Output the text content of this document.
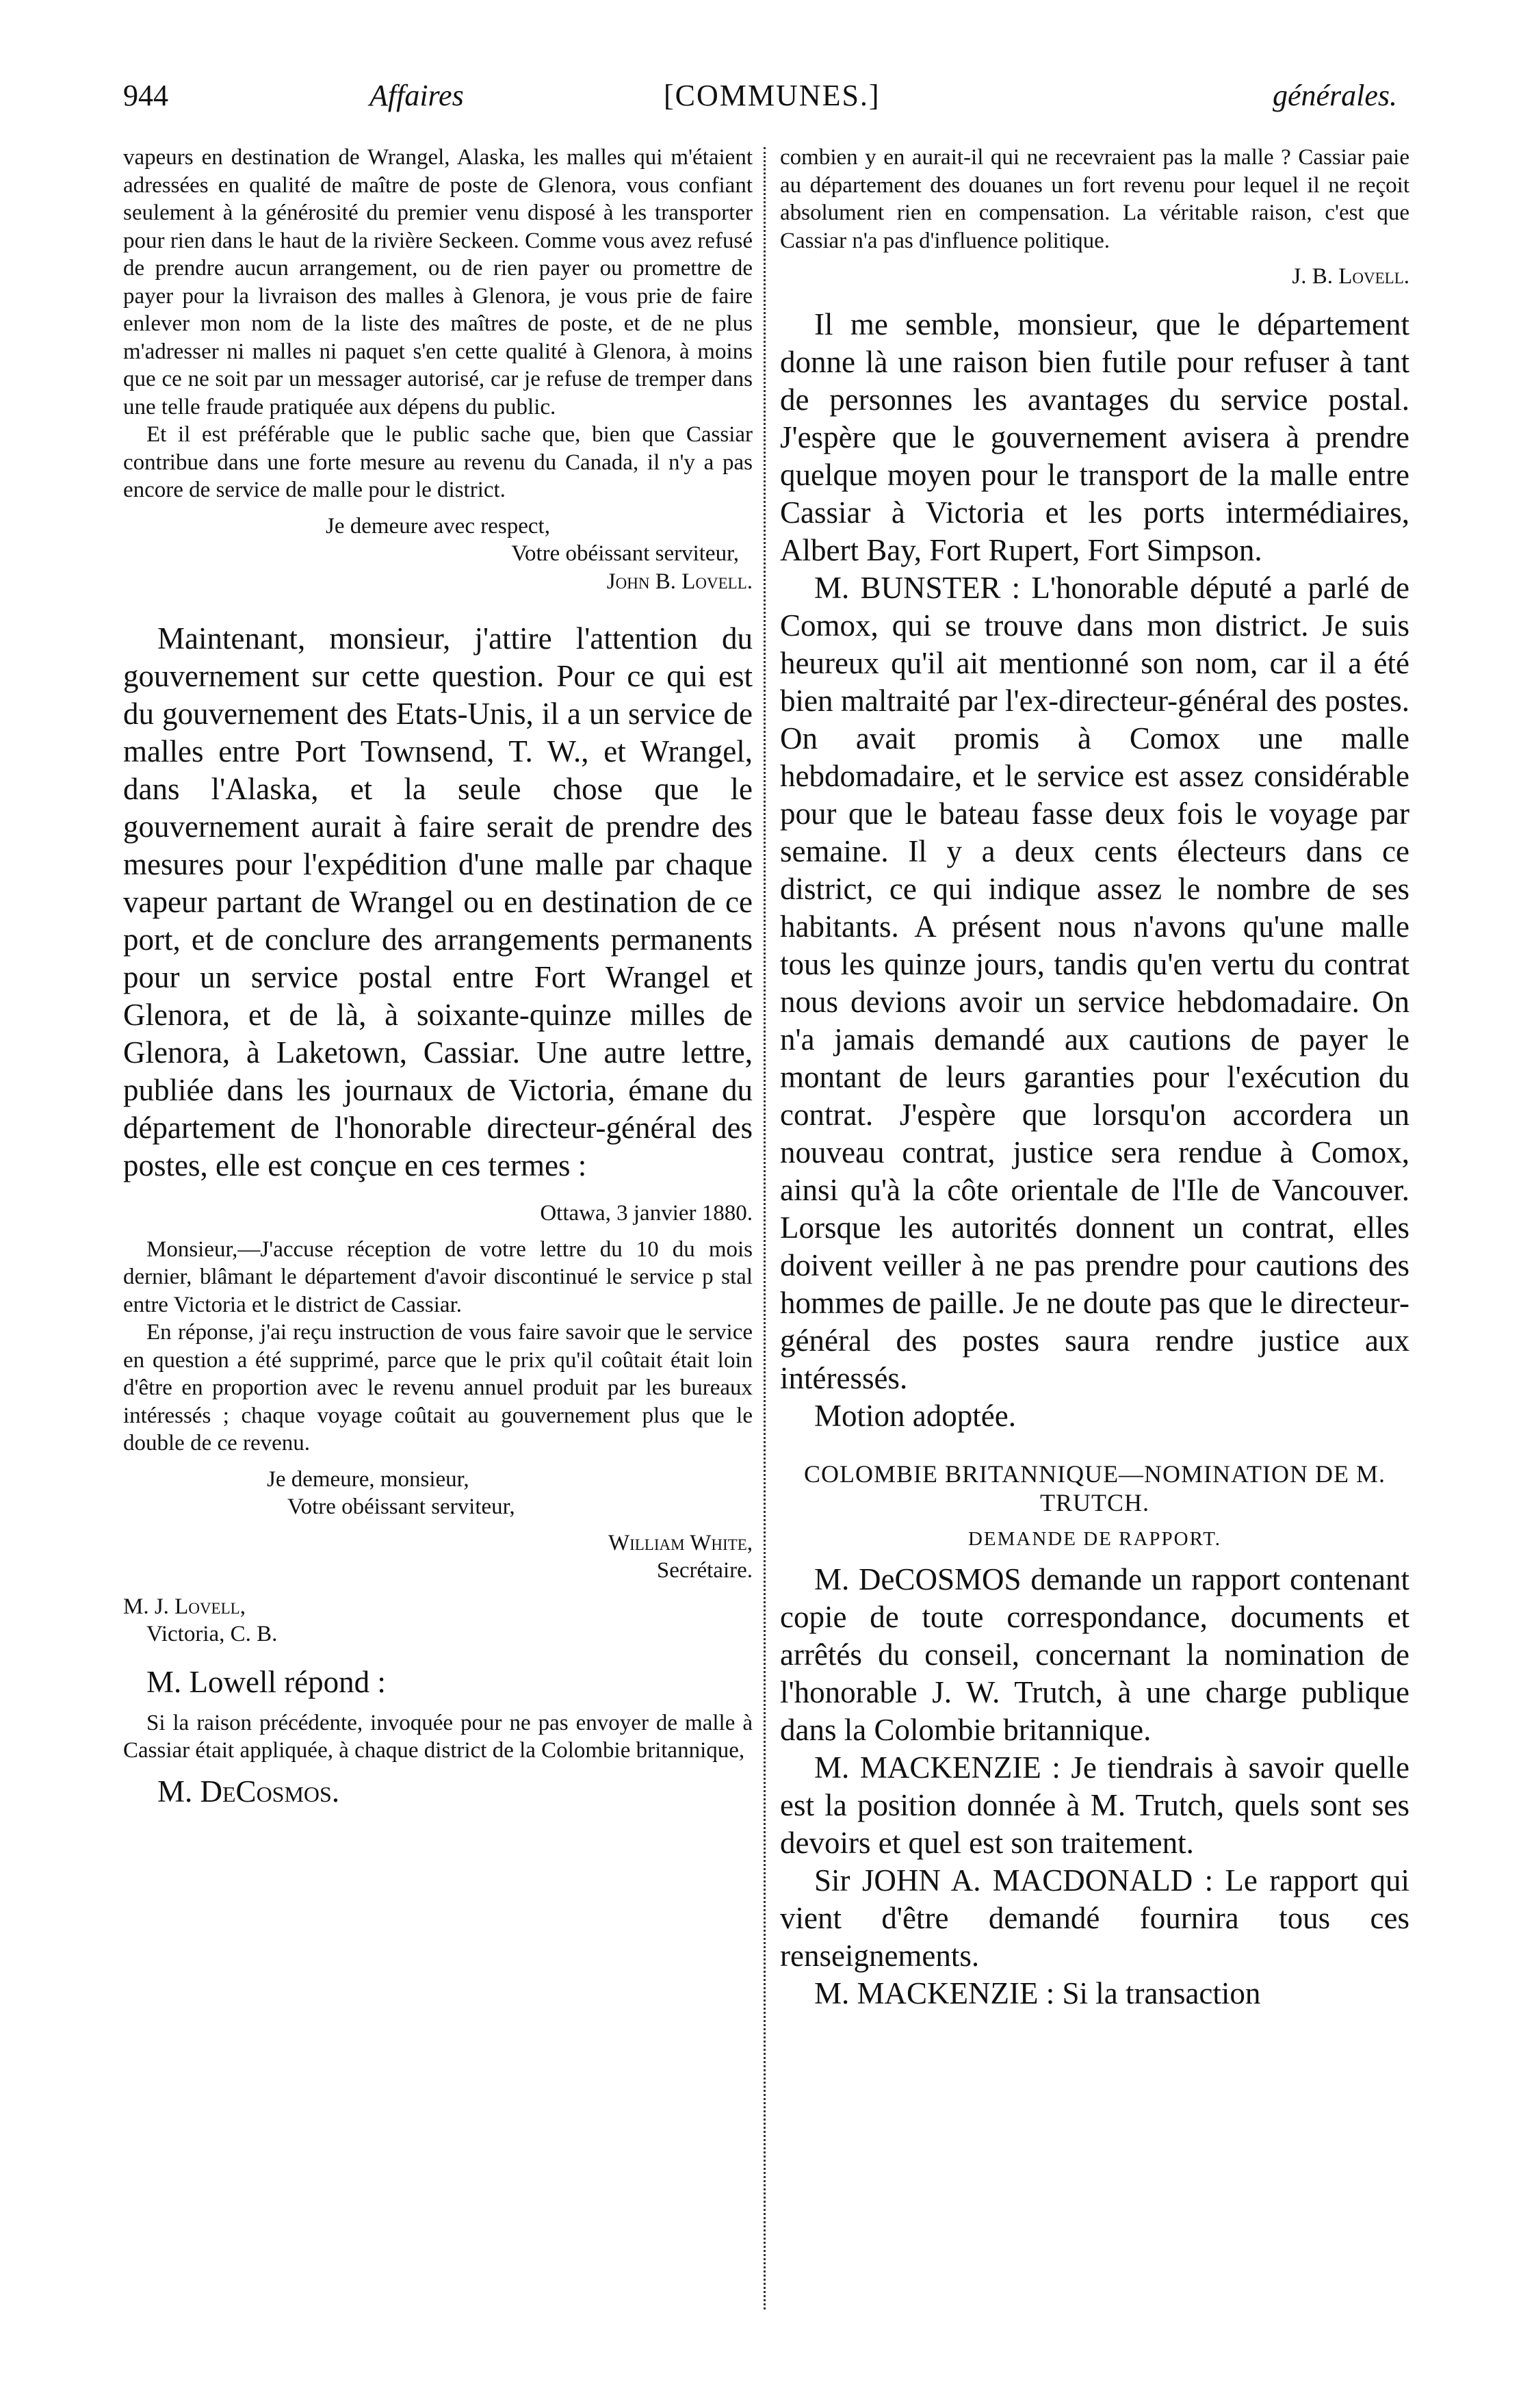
944	Affaires	[COMMUNES.]	générales.

vapeurs en destination de Wrangel, Alaska, les malles qui m'étaient adressées en qualité de maître de poste de Glenora, vous confiant seulement à la générosité du premier venu disposé à les transporter pour rien dans le haut de la rivière Seckeen. Comme vous avez refusé de prendre aucun arrangement, ou de rien payer ou promettre de payer pour la livraison des malles à Glenora, je vous prie de faire enlever mon nom de la liste des maîtres de poste, et de ne plus m'adresser ni malles ni paquet s'en cette qualité à Glenora, à moins que ce ne soit par un messager autorisé, car je refuse de tremper dans une telle fraude pratiquée aux dépens du public.

Et il est préférable que le public sache que, bien que Cassiar contribue dans une forte mesure au revenu du Canada, il n'y a pas encore de service de malle pour le district.

Je demeure avec respect,

Votre obéissant serviteur,

John B. Lovell.

Maintenant, monsieur, j'attire l'attention du gouvernement sur cette question. Pour ce qui est du gouvernement des Etats-Unis, il a un service de malles entre Port Townsend, T. W., et Wrangel, dans l'Alaska, et la seule chose que le gouvernement aurait à faire serait de prendre des mesures pour l'expédition d'une malle par chaque vapeur partant de Wrangel ou en destination de ce port, et de conclure des arrangements permanents pour un service postal entre Fort Wrangel et Glenora, et de là, à soixante-quinze milles de Glenora, à Laketown, Cassiar. Une autre lettre, publiée dans les journaux de Victoria, émane du département de l'honorable directeur-général des postes, elle est conçue en ces termes :

Ottawa, 3 janvier 1880.

Monsieur,—J'accuse réception de votre lettre du 10 du mois dernier, blâmant le département d'avoir discontinué le service p stal entre Victoria et le district de Cassiar.

En réponse, j'ai reçu instruction de vous faire savoir que le service en question a été supprimé, parce que le prix qu'il coûtait était loin d'être en proportion avec le revenu annuel produit par les bureaux intéressés ; chaque voyage coûtait au gouvernement plus que le double de ce revenu.

Je demeure, monsieur,

Votre obéissant serviteur,

William White,

Secrétaire.

M. J. Lovell,

Victoria, C. B.

M. Lowell répond :

Si la raison précédente, invoquée pour ne pas envoyer de malle à Cassiar était appliquée, à chaque district de la Colombie britannique,

M. DeCosmos.

combien y en aurait-il qui ne recevraient pas la malle ? Cassiar paie au département des douanes un fort revenu pour lequel il ne reçoit absolument rien en compensation. La véritable raison, c'est que Cassiar n'a pas d'influence politique.

J. B. Lovell.

Il me semble, monsieur, que le département donne là une raison bien futile pour refuser à tant de personnes les avantages du service postal. J'espère que le gouvernement avisera à prendre quelque moyen pour le transport de la malle entre Cassiar à Victoria et les ports intermédiaires, Albert Bay, Fort Rupert, Fort Simpson.

M. BUNSTER : L'honorable député a parlé de Comox, qui se trouve dans mon district. Je suis heureux qu'il ait mentionné son nom, car il a été bien maltraité par l'ex-directeur-général des postes. On avait promis à Comox une malle hebdomadaire, et le service est assez considérable pour que le bateau fasse deux fois le voyage par semaine. Il y a deux cents électeurs dans ce district, ce qui indique assez le nombre de ses habitants. A présent nous n'avons qu'une malle tous les quinze jours, tandis qu'en vertu du contrat nous devions avoir un service hebdomadaire. On n'a jamais demandé aux cautions de payer le montant de leurs garanties pour l'exécution du contrat. J'espère que lorsqu'on accordera un nouveau contrat, justice sera rendue à Comox, ainsi qu'à la côte orientale de l'Ile de Vancouver. Lorsque les autorités donnent un contrat, elles doivent veiller à ne pas prendre pour cautions des hommes de paille. Je ne doute pas que le directeur-général des postes saura rendre justice aux intéressés.

Motion adoptée.

COLOMBIE BRITANNIQUE—NOMINATION DE M. TRUTCH.

DEMANDE DE RAPPORT.

M. DeCOSMOS demande un rapport contenant copie de toute correspondance, documents et arrêtés du conseil, concernant la nomination de l'honorable J. W. Trutch, à une charge publique dans la Colombie britannique.

M. MACKENZIE : Je tiendrais à savoir quelle est la position donnée à M. Trutch, quels sont ses devoirs et quel est son traitement.

Sir JOHN A. MACDONALD : Le rapport qui vient d'être demandé fournira tous ces renseignements.

M. MACKENZIE : Si la transaction
